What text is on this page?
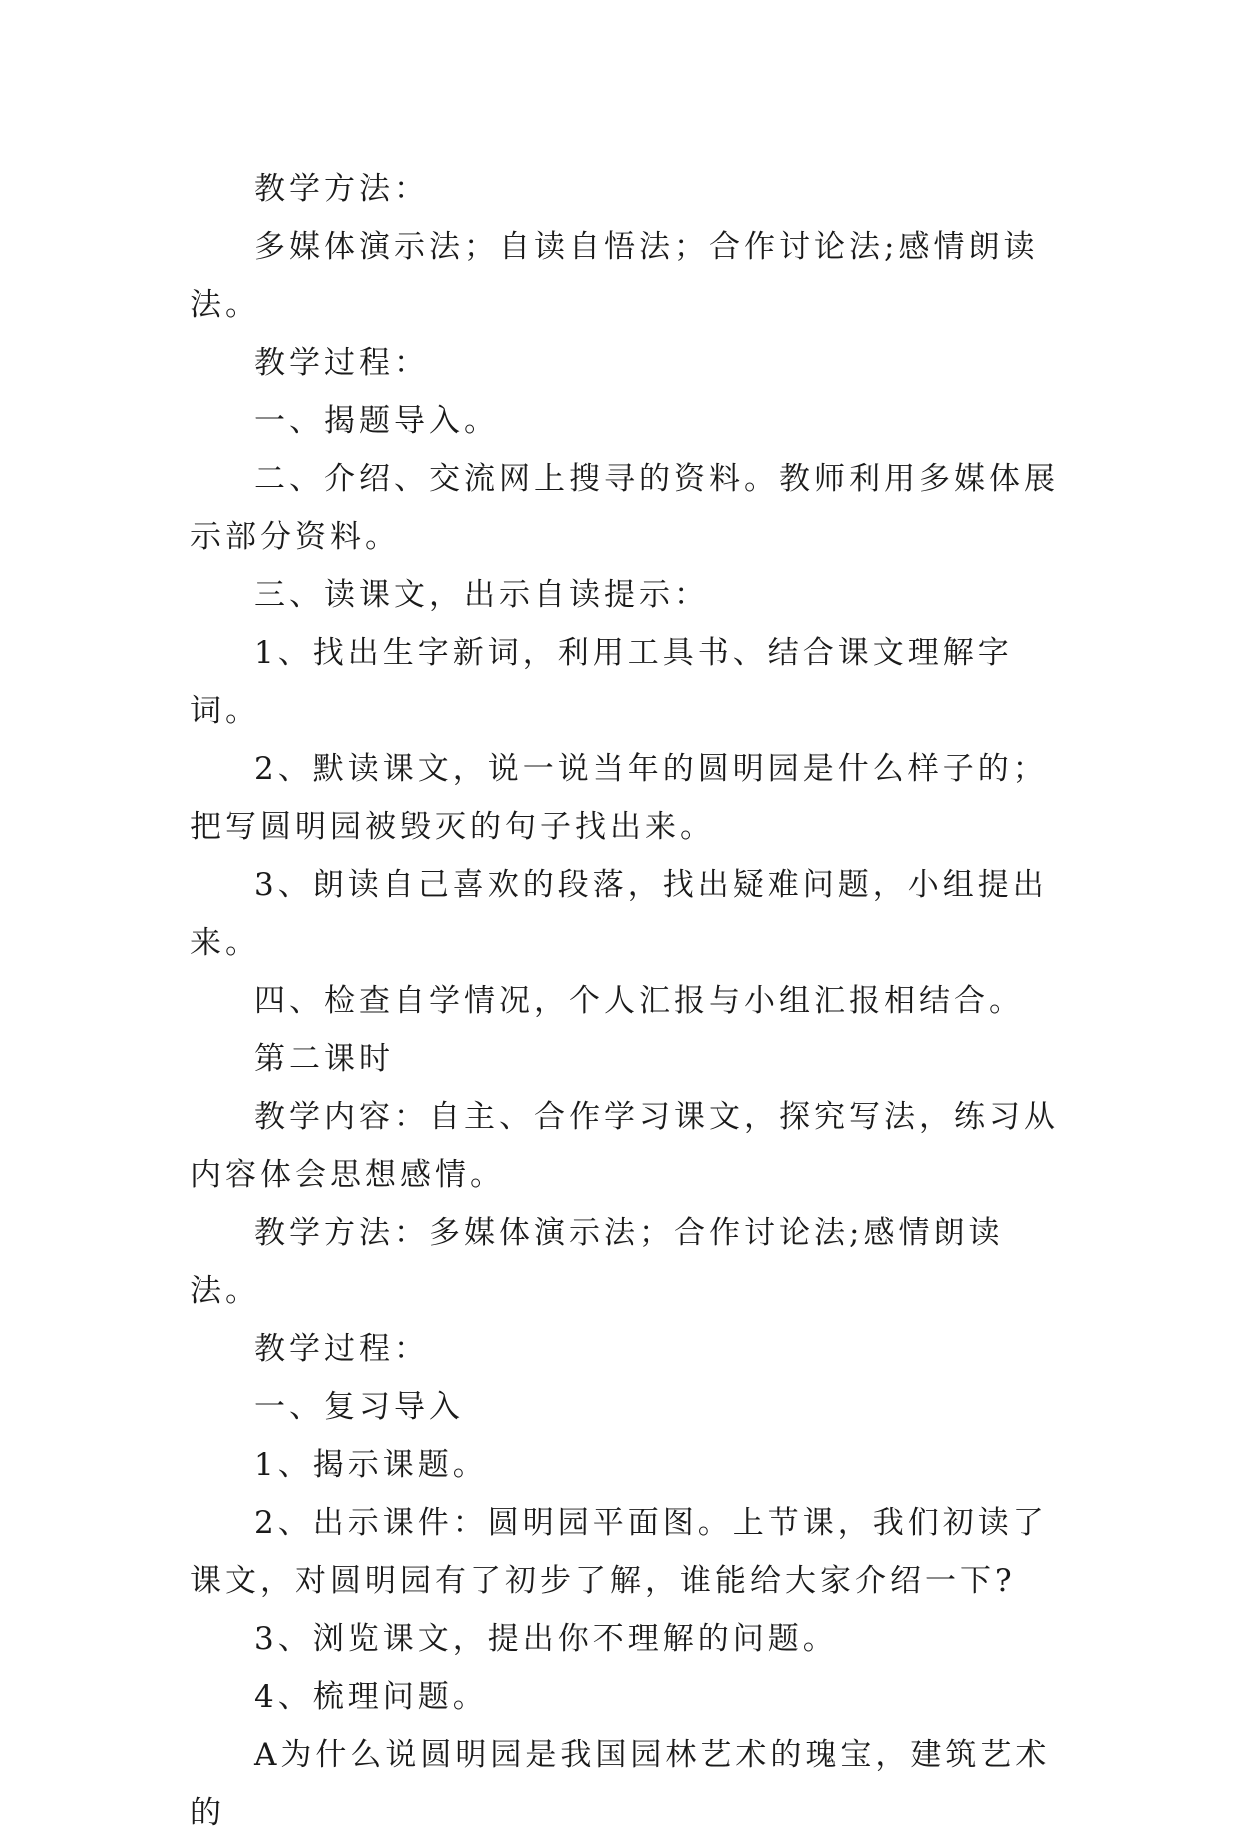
教学方法：

多媒体演示法；自读自悟法；合作讨论法;感情朗读法。

教学过程：

一、揭题导入。

二、介绍、交流网上搜寻的资料。教师利用多媒体展示部分资料。

三、读课文，出示自读提示：

1、找出生字新词，利用工具书、结合课文理解字词。

2、默读课文，说一说当年的圆明园是什么样子的；把写圆明园被毁灭的句子找出来。

3、朗读自己喜欢的段落，找出疑难问题，小组提出来。

四、检查自学情况，个人汇报与小组汇报相结合。

第二课时

教学内容：自主、合作学习课文，探究写法，练习从内容体会思想感情。

教学方法：多媒体演示法；合作讨论法;感情朗读法。

教学过程：

一、复习导入

1、揭示课题。

2、出示课件：圆明园平面图。上节课，我们初读了课文，对圆明园有了初步了解，谁能给大家介绍一下?

3、浏览课文，提出你不理解的问题。

4、梳理问题。

A为什么说圆明园是我国园林艺术的瑰宝，建筑艺术的
